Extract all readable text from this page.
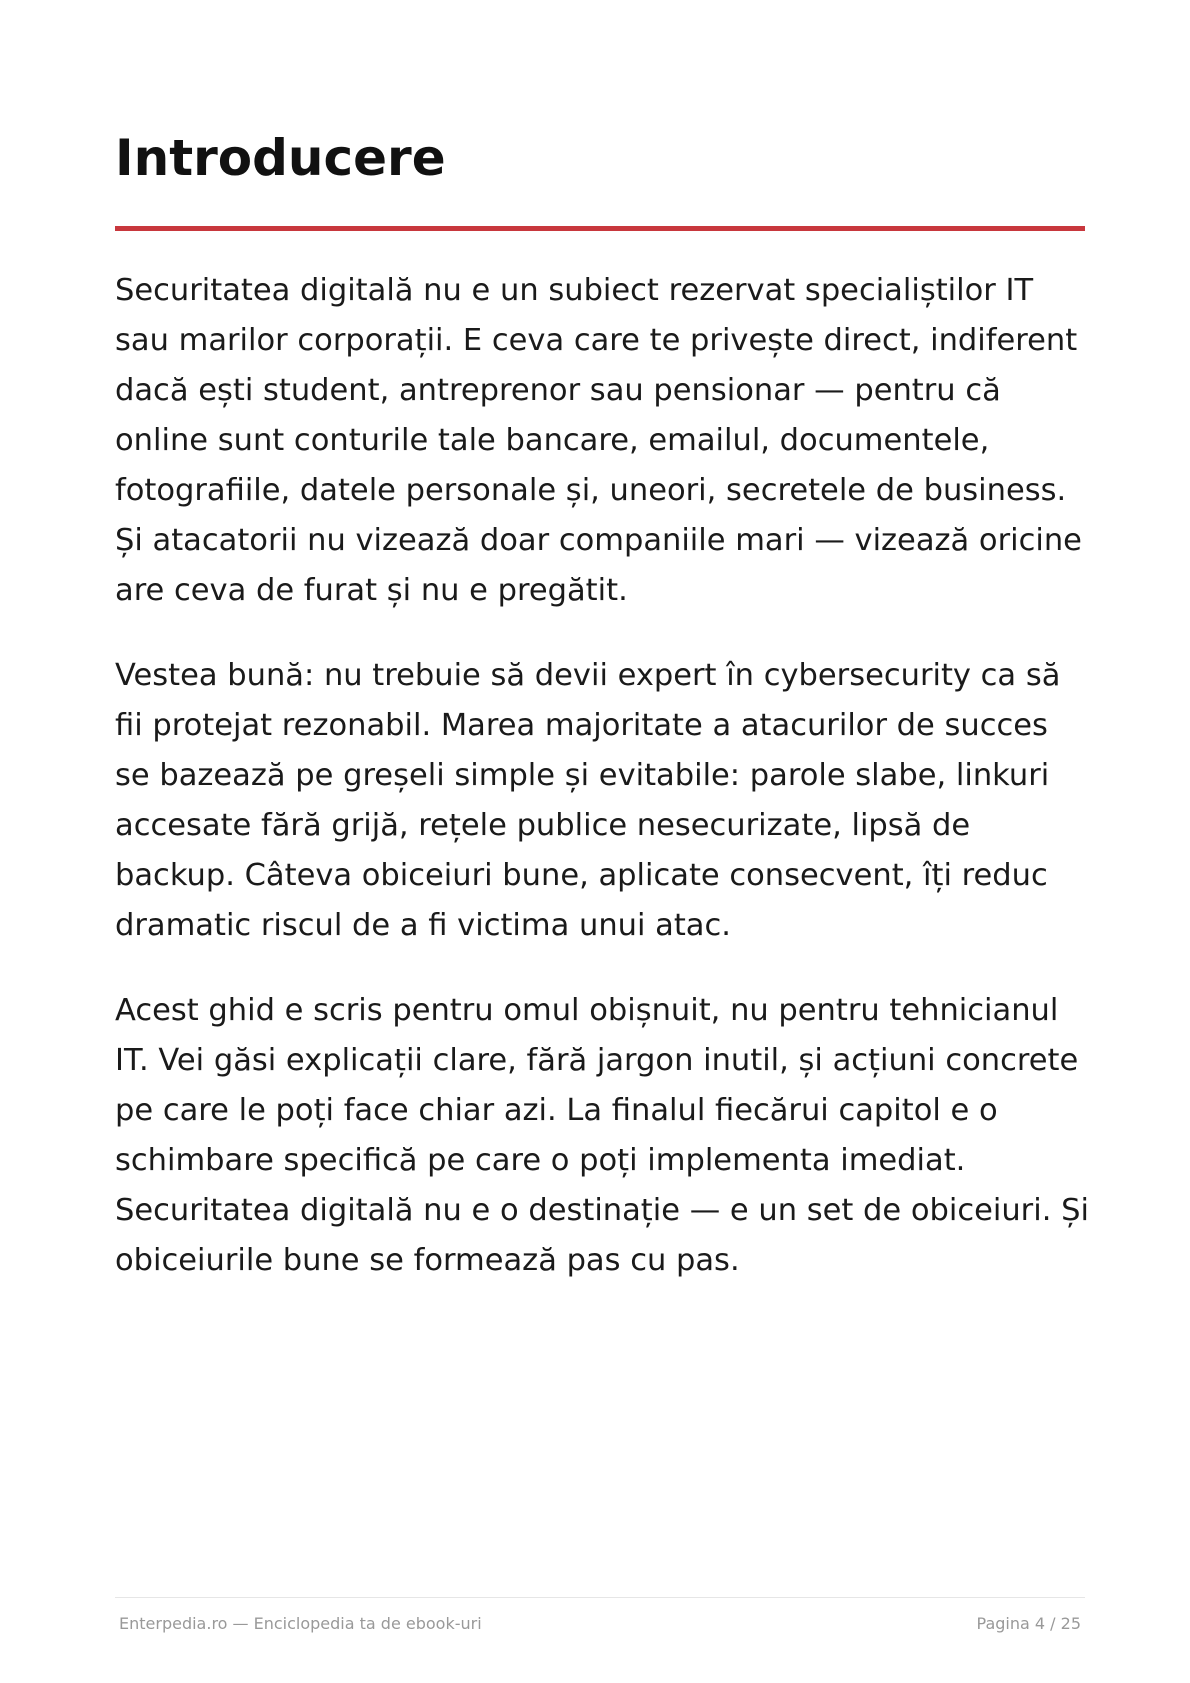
Introducere

Securitatea digitală nu e un subiect rezervat specialiștilor IT sau marilor corporații. E ceva care te privește direct, indiferent dacă ești student, antreprenor sau pensionar — pentru că online sunt conturile tale bancare, emailul, documentele, fotografiile, datele personale și, uneori, secretele de business. Și atacatorii nu vizează doar companiile mari — vizează oricine are ceva de furat și nu e pregătit.

Vestea bună: nu trebuie să devii expert în cybersecurity ca să fii protejat rezonabil. Marea majoritate a atacurilor de succes se bazează pe greșeli simple și evitabile: parole slabe, linkuri accesate fără grijă, rețele publice nesecurizate, lipsă de backup. Câteva obiceiuri bune, aplicate consecvent, îți reduc dramatic riscul de a fi victima unui atac.

Acest ghid e scris pentru omul obișnuit, nu pentru tehnicianul IT. Vei găsi explicații clare, fără jargon inutil, și acțiuni concrete pe care le poți face chiar azi. La finalul fiecărui capitol e o schimbare specifică pe care o poți implementa imediat. Securitatea digitală nu e o destinație — e un set de obiceiuri. Și obiceiurile bune se formează pas cu pas.

Enterpedia.ro — Enciclopedia ta de ebook-uri	Pagina 4 / 25
